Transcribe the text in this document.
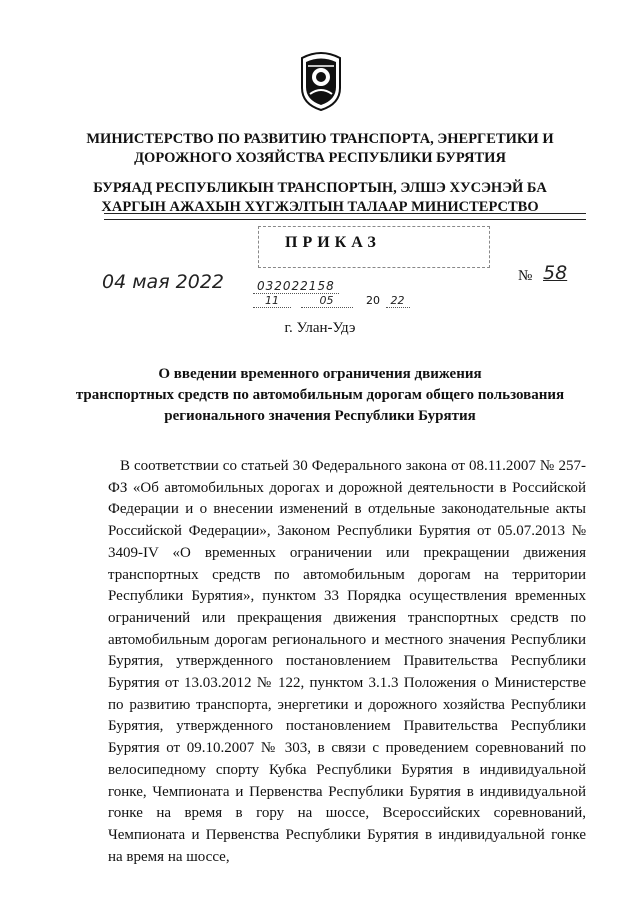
МИНИСТЕРСТВО ПО РАЗВИТИЮ ТРАНСПОРТА, ЭНЕРГЕТИКИ И
ДОРОЖНОГО ХОЗЯЙСТВА РЕСПУБЛИКИ БУРЯТИЯ
БУРЯАД РЕСПУБЛИКЫН ТРАНСПОРТЫН, ЭЛШЭ ХУСЭНЭЙ БА
ХАРГЫН АЖАХЫН ХҮГЖЭЛТЫН ТАЛААР МИНИСТЕРСТВО

ПРИКАЗ
04 мая 2022	№ 58
032022158
11	05	20 22
г. Улан-Удэ
О введении временного ограничения движения
транспортных средств по автомобильным дорогам общего пользования
регионального значения Республики Бурятия

В соответствии со статьей 30 Федерального закона от 08.11.2007 № 257-ФЗ «Об автомобильных дорогах и дорожной деятельности в Российской Федерации и о внесении изменений в отдельные законодательные акты Российской Федерации», Законом Республики Бурятия от 05.07.2013 № 3409-IV «О временных ограничении или прекращении движения транспортных средств по автомобильным дорогам на территории Республики Бурятия», пунктом 33 Порядка осуществления временных ограничений или прекращения движения транспортных средств по автомобильным дорогам регионального и местного значения Республики Бурятия, утвержденного постановлением Правительства Республики Бурятия от 13.03.2012 № 122, пунктом 3.1.3 Положения о Министерстве по развитию транспорта, энергетики и дорожного хозяйства Республики Бурятия, утвержденного постановлением Правительства Республики Бурятия от 09.10.2007 № 303, в связи с проведением соревнований по велосипедному спорту Кубка Республики Бурятия в индивидуальной гонке, Чемпионата и Первенства Республики Бурятия в индивидуальной гонке на время в гору на шоссе, Всероссийских соревнований, Чемпионата и Первенства Республики Бурятия в индивидуальной гонке на время на шоссе,
